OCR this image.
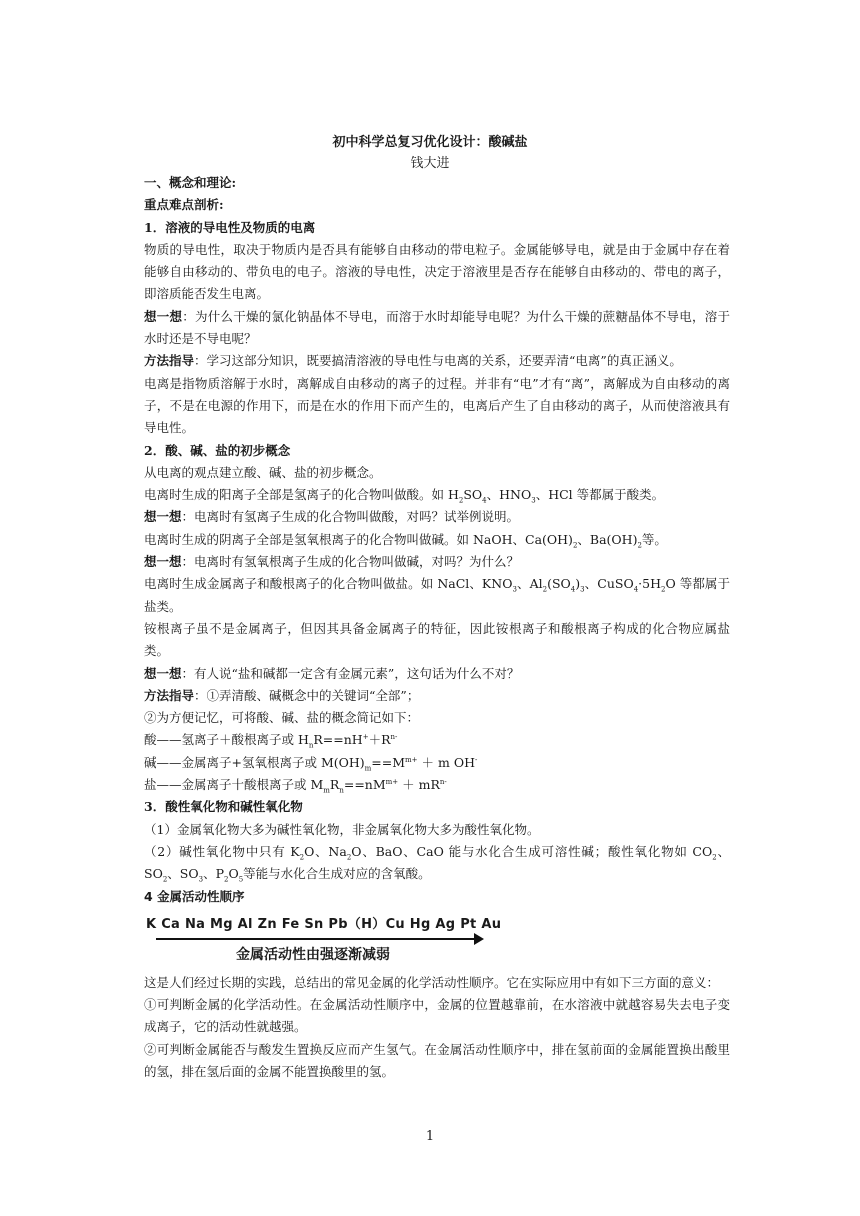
初中科学总复习优化设计：酸碱盐
钱大进

一、概念和理论:

重点难点剖析:

1．溶液的导电性及物质的电离

物质的导电性，取决于物质内是否具有能够自由移动的带电粒子。金属能够导电，就是由于金属中存在着能够自由移动的、带负电的电子。溶液的导电性，决定于溶液里是否存在能够自由移动的、带电的离子，即溶质能否发生电离。

想一想：为什么干燥的氯化钠晶体不导电，而溶于水时却能导电呢？为什么干燥的蔗糖晶体不导电，溶于水时还是不导电呢？

方法指导：学习这部分知识，既要搞清溶液的导电性与电离的关系，还要弄清“电离”的真正涵义。

电离是指物质溶解于水时，离解成自由移动的离子的过程。并非有“电”才有“离”，离解成为自由移动的离子，不是在电源的作用下，而是在水的作用下而产生的，电离后产生了自由移动的离子，从而使溶液具有导电性。

2．酸、碱、盐的初步概念

从电离的观点建立酸、碱、盐的初步概念。

电离时生成的阳离子全部是氢离子的化合物叫做酸。如 $H_2SO_4$、$HNO_3$、HCl 等都属于酸类。

想一想：电离时有氢离子生成的化合物叫做酸，对吗？试举例说明。

电离时生成的阴离子全部是氢氧根离子的化合物叫做碱。如 NaOH、$Ca(OH)_2$、$Ba(OH)_2$等。

想一想：电离时有氢氧根离子生成的化合物叫做碱，对吗？为什么？

电离时生成金属离子和酸根离子的化合物叫做盐。如 NaCl、$KNO_3$、$Al_2(SO_4)_3$、$CuSO_4\cdot 5H_2O$ 等都属于盐类。

铵根离子虽不是金属离子，但因其具备金属离子的特征，因此铵根离子和酸根离子构成的化合物应属盐类。

想一想：有人说“盐和碱都一定含有金属元素”，这句话为什么不对？

方法指导：①弄清酸、碱概念中的关键词“全部”；

②为方便记忆，可将酸、碱、盐的概念简记如下：

酸——氢离子＋酸根离子或 $H_nR==nH^++R^{n-}$

碱——金属离子+氢氧根离子或 $M(OH)_m==M^{m+} + m$ OH-

盐——金属离子十酸根离子或 $M_mR_n==nM^{m+} + mR^{n-}$

3．酸性氧化物和碱性氧化物

（1）金属氧化物大多为碱性氧化物，非金属氧化物大多为酸性氧化物。

（2）碱性氧化物中只有 $K_2O$、$Na_2O$、BaO、CaO 能与水化合生成可溶性碱；酸性氧化物如 $CO_2$、$SO_2$、$SO_3$、$P_2O_5$等能与水化合生成对应的含氧酸。

4 金属活动性顺序

K Ca Na Mg Al Zn Fe Sn Pb（H）Cu Hg Ag Pt Au
金属活动性由强逐渐减弱

这是人们经过长期的实践，总结出的常见金属的化学活动性顺序。它在实际应用中有如下三方面的意义：

①可判断金属的化学活动性。在金属活动性顺序中，金属的位置越靠前，在水溶液中就越容易失去电子变成离子，它的活动性就越强。

②可判断金属能否与酸发生置换反应而产生氢气。在金属活动性顺序中，排在氢前面的金属能置换出酸里的氢，排在氢后面的金属不能置换酸里的氢。

1
